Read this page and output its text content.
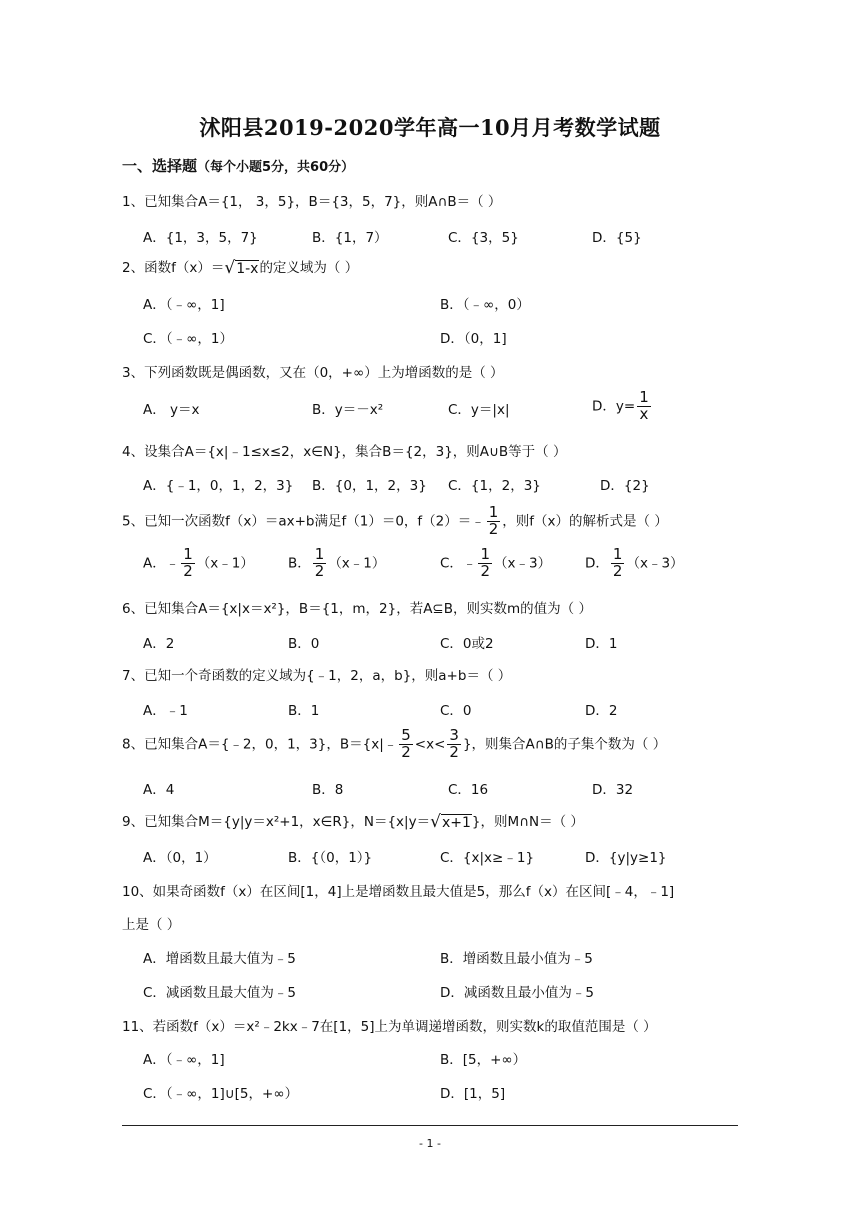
沭阳县2019-2020学年高一10月月考数学试题
一、选择题（每个小题5分，共60分）
1、已知集合A＝{1， 3，5}，B＝{3，5，7}，则A∩B＝（ ）
A．{1，3，5，7}	B．{1，7）	C．{3，5}	D．{5}
2、函数f（x）＝√1-x的定义域为（ ）
A．（﹣∞，1]	B．（﹣∞，0）
C．（﹣∞，1）	D．（0，1]
3、下列函数既是偶函数，又在（0，+∞）上为增函数的是（ ）
A． y＝x	B．y＝－x²	C．y＝|x|	D．$y= \frac{1}{x}$
4、设集合A＝{x|﹣1≤x≤2，x∈N}，集合B＝{2，3}，则A∪B等于（ ）
A．{﹣1，0，1，2，3} B．{0，1，2，3} C．{1，2，3}	D．{2}
5、已知一次函数f（x）＝ax+b满足f（1）＝0，f（2）＝﹣ $\frac{1}{2}$ ，则f（x）的解析式是（ ）
A．﹣ $\frac{1}{2}$ （x﹣1）	B． $\frac{1}{2}$ （x﹣1）	C．﹣ $\frac{1}{2}$ （x﹣3）	D． $\frac{1}{2}$ （x﹣3）
6、已知集合A＝{x|x＝x²}，B＝{1，m，2}，若A⊆B，则实数m的值为（ ）
A．2	B．0	C．0或2	D．1
7、已知一个奇函数的定义域为{﹣1，2，a，b}，则a+b＝（ ）
A．﹣1	B．1	C．0	D．2
8、已知集合A＝{﹣2，0，1，3}，B＝{x|﹣ $\frac{5}{2} <x< \frac{3}{2}$ }，则集合A∩B的子集个数为（ ）
A．4	B．8	C．16	D．32
9、已知集合M＝{y|y＝x²+1，x∈R}，N＝{x|y＝√x+1}，则M∩N＝（ ）
A．（0，1）	B．{（0，1）}	C．{x|x≥﹣1}	D．{y|y≥1}
10、如果奇函数f（x）在区间[1，4]上是增函数且最大值是5，那么f（x）在区间[﹣4，﹣1]
上是（ ）
A．增函数且最大值为﹣5	B．增函数且最小值为﹣5
C．减函数且最大值为﹣5	D．减函数且最小值为﹣5
11、若函数f（x）＝x²﹣2kx﹣7在[1，5]上为单调递增函数，则实数k的取值范围是（ ）
A．（﹣∞，1]	B．[5，+∞）
C．（﹣∞，1]∪[5，+∞）	D．[1，5]
- 1 -
